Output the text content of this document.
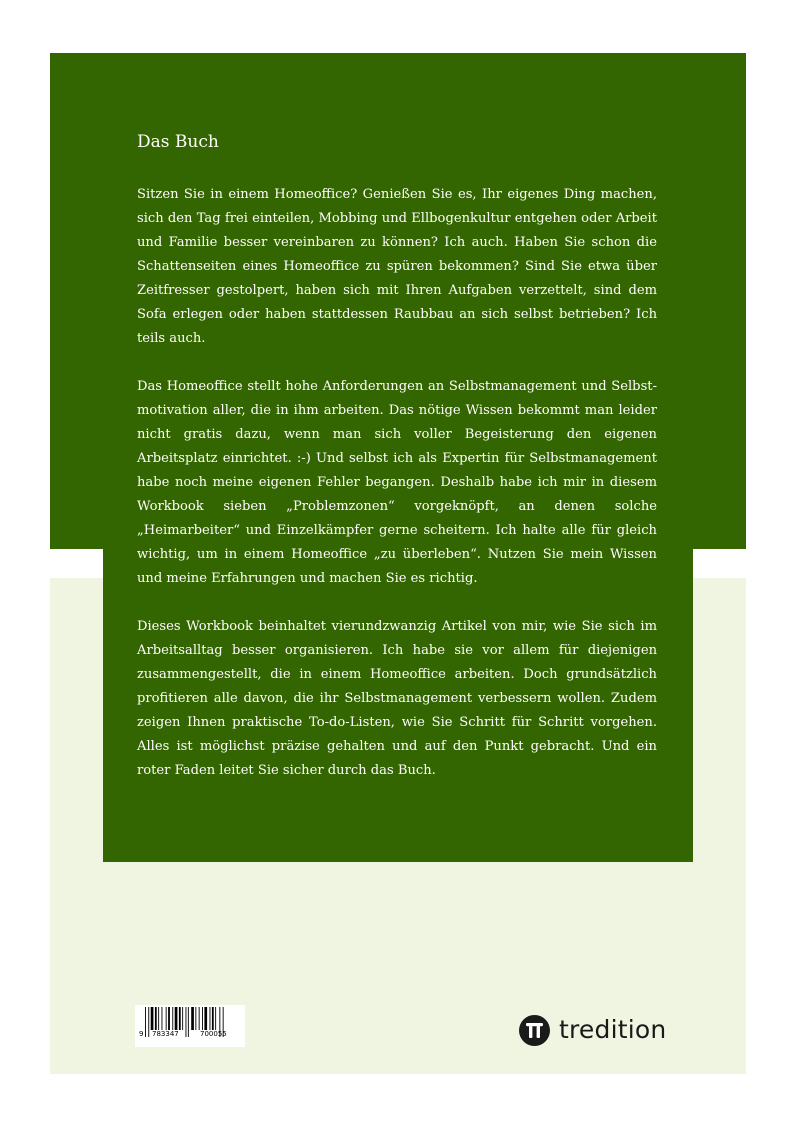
Das Buch

Sitzen Sie in einem Homeoffice? Genießen Sie es, Ihr eigenes Ding machen, sich den Tag frei einteilen, Mobbing und Ellbogenkultur entgehen oder Arbeit und Familie besser vereinbaren zu können? Ich auch. Haben Sie schon die Schattenseiten eines Homeoffice zu spüren bekommen? Sind Sie etwa über Zeitfresser gestolpert, haben sich mit Ihren Aufgaben verzettelt, sind dem Sofa erlegen oder haben stattdessen Raubbau an sich selbst betrieben? Ich teils auch.

Das Homeoffice stellt hohe Anforderungen an Selbstmanagement und Selbstmotivation aller, die in ihm arbeiten. Das nötige Wissen bekommt man leider nicht gratis dazu, wenn man sich voller Begeisterung den eigenen Arbeitsplatz einrichtet. :-) Und selbst ich als Expertin für Selbstmanagement habe noch meine eigenen Fehler begangen. Deshalb habe ich mir in diesem Workbook sieben „Problemzonen“ vorgeknöpft, an denen solche „Heimarbeiter“ und Einzelkämpfer gerne scheitern. Ich halte alle für gleich wichtig, um in einem Homeoffice „zu überleben“. Nutzen Sie mein Wissen und meine Erfahrungen und machen Sie es richtig.

Dieses Workbook beinhaltet vierundzwanzig Artikel von mir, wie Sie sich im Arbeitsalltag besser organisieren. Ich habe sie vor allem für diejenigen zusammengestellt, die in einem Homeoffice arbeiten. Doch grundsätzlich profitieren alle davon, die ihr Selbstmanagement verbessern wollen. Zudem zeigen Ihnen praktische To-do-Listen, wie Sie Schritt für Schritt vorgehen. Alles ist möglichst präzise gehalten und auf den Punkt gebracht. Und ein roter Faden leitet Sie sicher durch das Buch.

9 783347	700055	tredition
